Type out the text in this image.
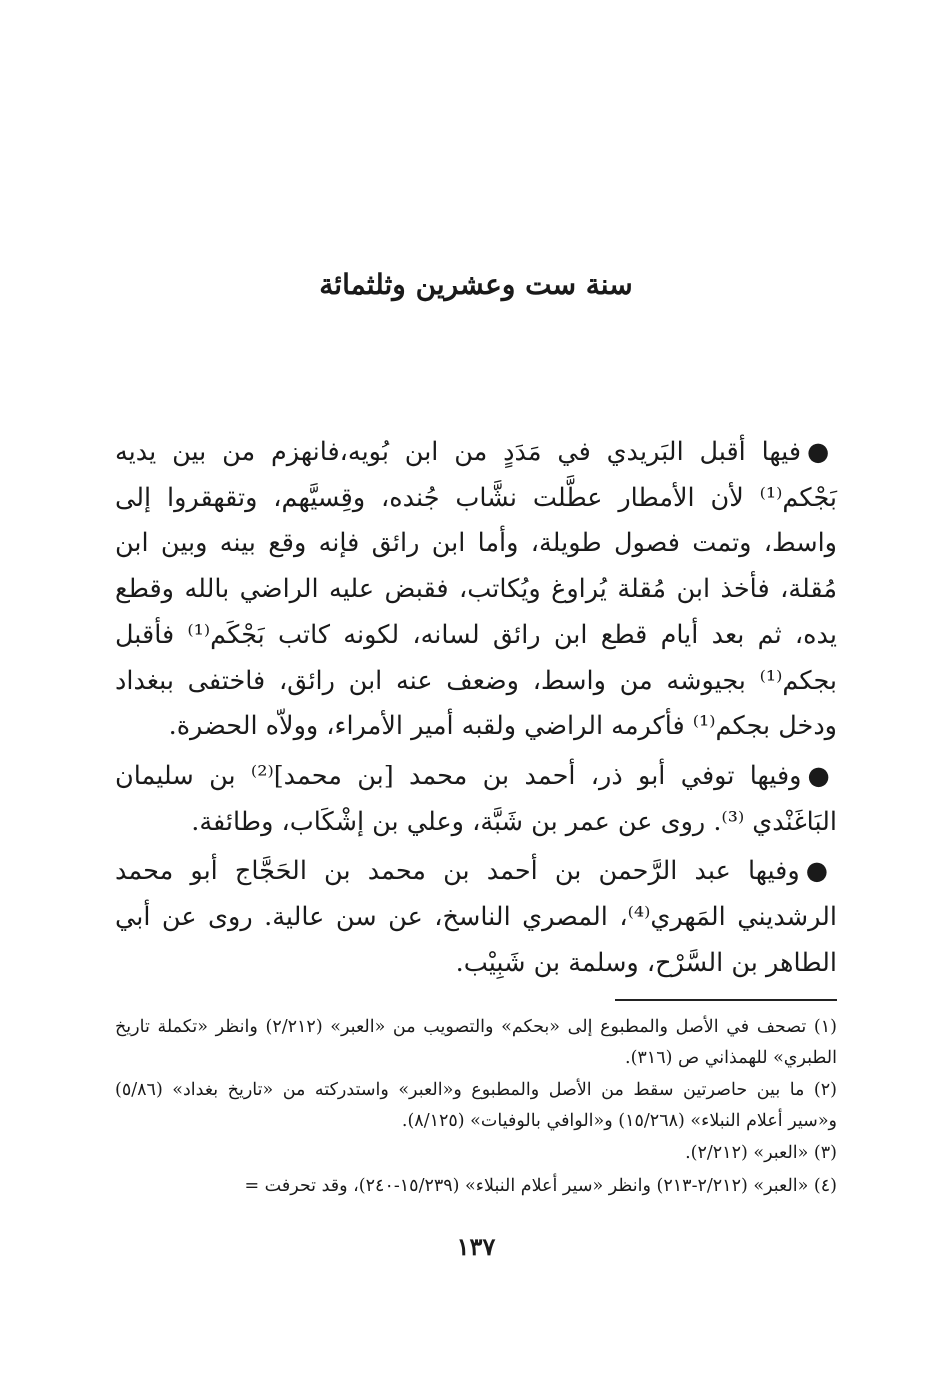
سنة ست وعشرين وثلثمائة

●فيها أقبل البَريدي في مَدَدٍ من ابن بُويه،فانهزم من بين يديه بَجْكم⁽¹⁾ لأن الأمطار عطَّلت نشَّاب جُنده، وقِسيَّهم، وتقهقروا إلى واسط، وتمت فصول طويلة، وأما ابن رائق فإنه وقع بينه وبين ابن مُقلة، فأخذ ابن مُقلة يُراوغ ويُكاتب، فقبض عليه الراضي بالله وقطع يده، ثم بعد أيام قطع ابن رائق لسانه، لكونه كاتب بَجْكَم⁽¹⁾ فأقبل بجكم⁽¹⁾ بجيوشه من واسط، وضعف عنه ابن رائق، فاختفى ببغداد ودخل بجكم⁽¹⁾ فأكرمه الراضي ولقبه أمير الأمراء، وولاّه الحضرة.

●وفيها توفي أبو ذر، أحمد بن محمد [بن محمد]⁽²⁾ بن سليمان البَاغَنْدي ⁽³⁾. روى عن عمر بن شَبَّة، وعلي بن إشْكَاب، وطائفة.

●وفيها عبد الرَّحمن بن أحمد بن محمد بن الحَجَّاج أبو محمد الرشديني المَهري⁽⁴⁾، المصري الناسخ، عن سن عالية. روى عن أبي الطاهر بن السَّرْح، وسلمة بن شَبِيْب.

(١) تصحف في الأصل والمطبوع إلى «بحكم» والتصويب من «العبر» (٢/٢١٢) وانظر «تكملة تاريخ الطبري» للهمذاني ص (٣١٦).

(٢) ما بين حاصرتين سقط من الأصل والمطبوع و«العبر» واستدركته من «تاريخ بغداد» (٥/٨٦) و«سير أعلام النبلاء» (١٥/٢٦٨) و«الوافي بالوفيات» (٨/١٢٥).

(٣) «العبر» (٢/٢١٢).

(٤) «العبر» (٢/٢١٢-٢١٣) وانظر «سير أعلام النبلاء» (١٥/٢٣٩-٢٤٠)، وقد تحرفت =

١٣٧
